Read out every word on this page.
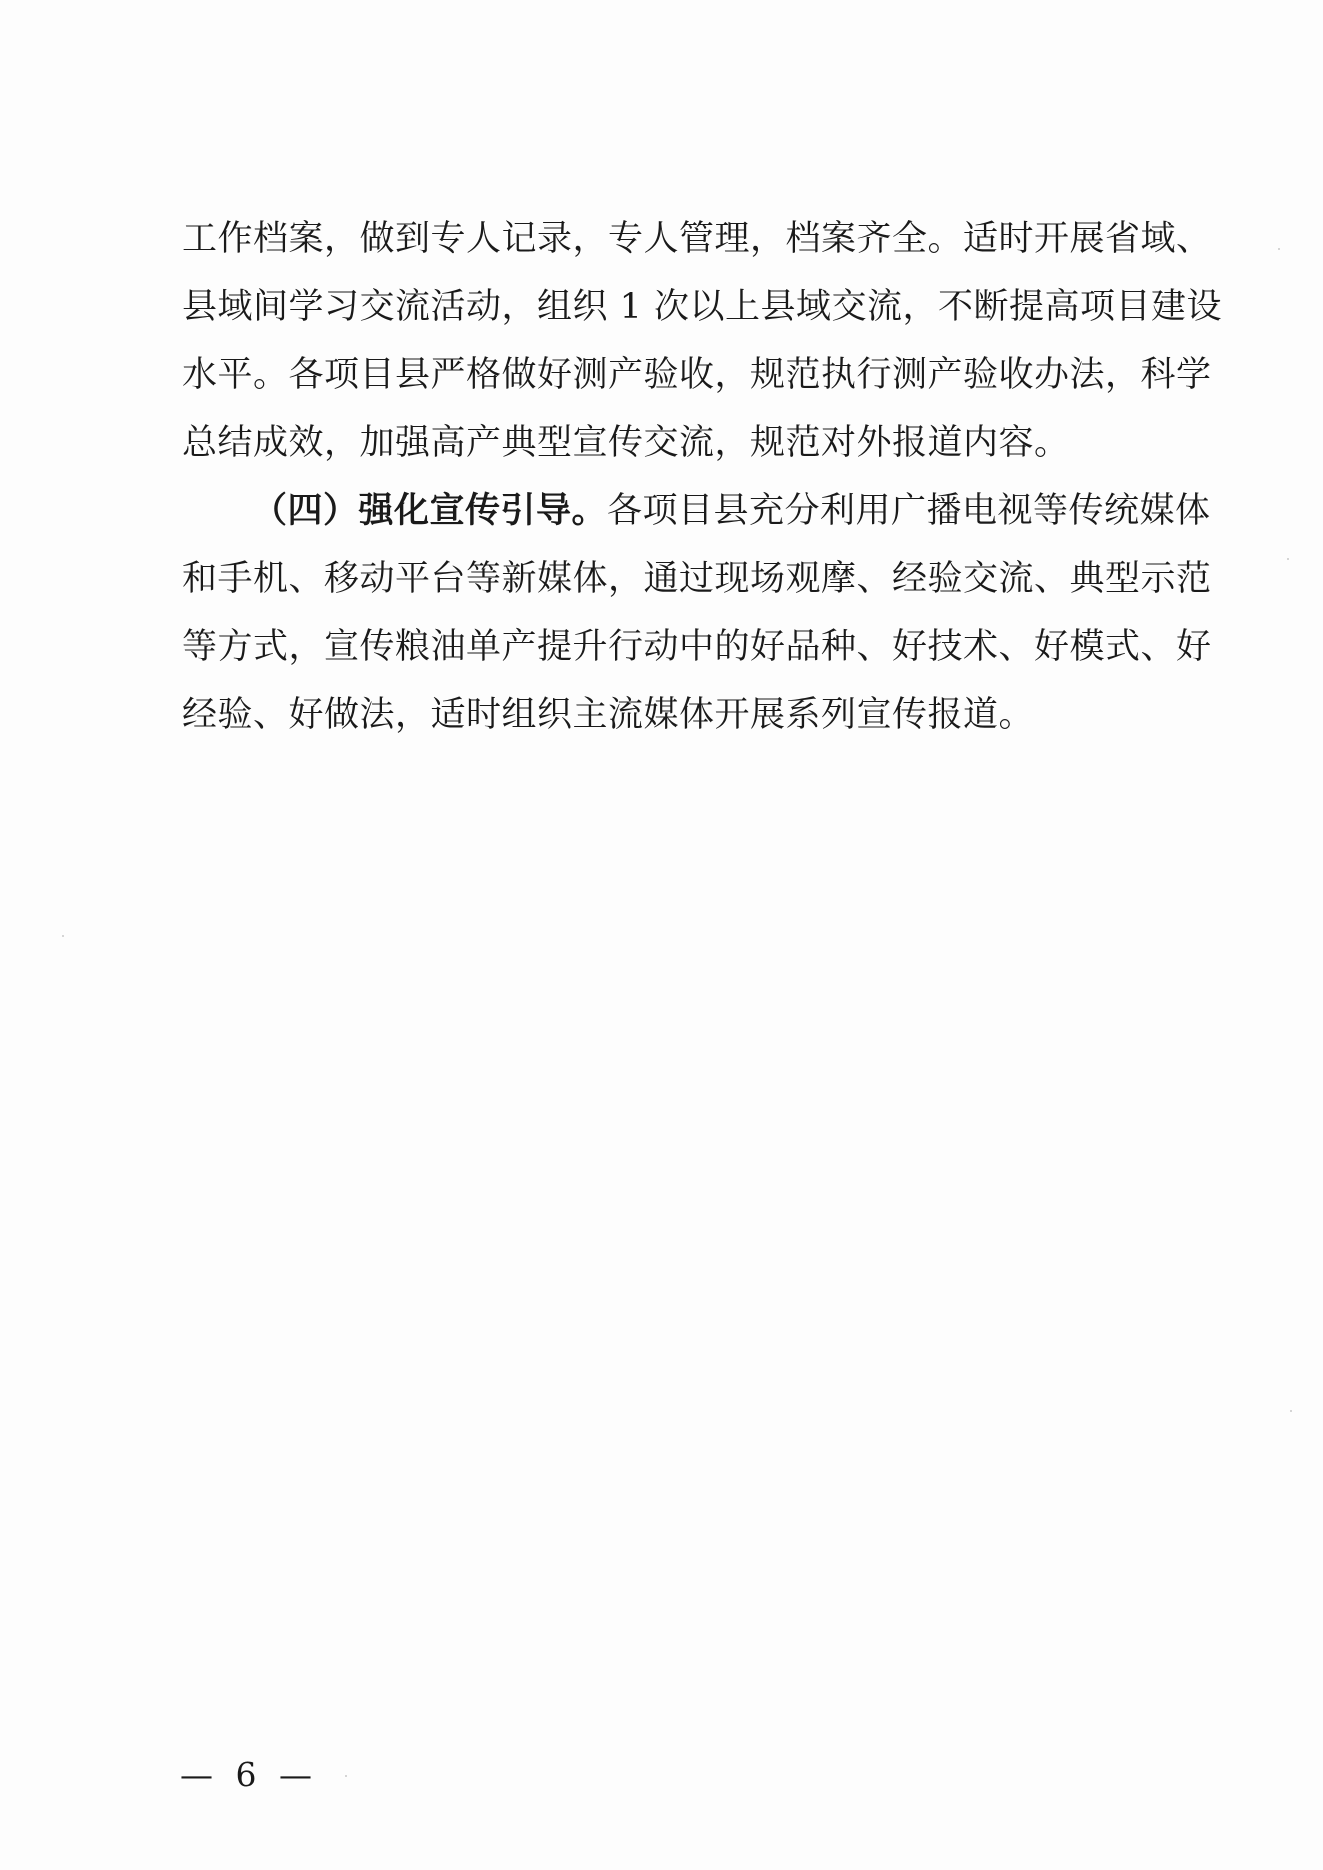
工作档案，做到专人记录，专人管理，档案齐全。适时开展省域、
县域间学习交流活动，组织 1 次以上县域交流，不断提高项目建设
水平。各项目县严格做好测产验收，规范执行测产验收办法，科学
总结成效，加强高产典型宣传交流，规范对外报道内容。
（四）强化宣传引导。各项目县充分利用广播电视等传统媒体
和手机、移动平台等新媒体，通过现场观摩、经验交流、典型示范
等方式，宣传粮油单产提升行动中的好品种、好技术、好模式、好
经验、好做法，适时组织主流媒体开展系列宣传报道。
— 6 —
